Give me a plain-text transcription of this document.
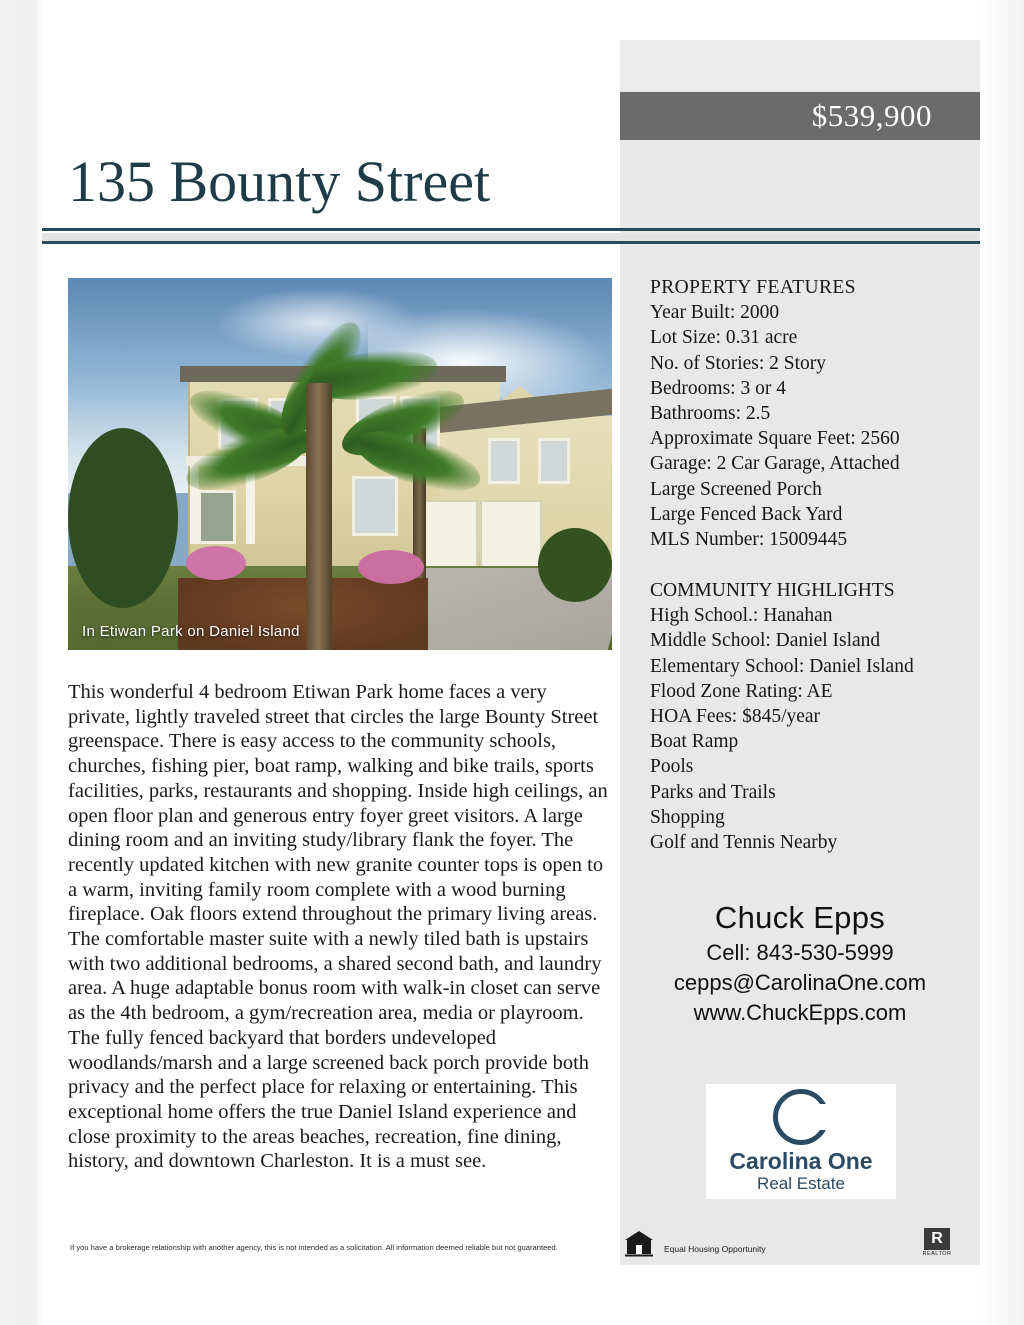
$539,900
135 Bounty Street
In Etiwan Park on Daniel Island
This wonderful 4 bedroom Etiwan Park home faces a very private, lightly traveled street that circles the large Bounty Street greenspace. There is easy access to the community schools, churches, fishing pier, boat ramp, walking and bike trails, sports facilities, parks, restaurants and shopping. Inside high ceilings, an open floor plan and generous entry foyer greet visitors. A large dining room and an inviting study/library flank the foyer. The recently updated kitchen with new granite counter tops is open to a warm, inviting family room complete with a wood burning fireplace. Oak floors extend throughout the primary living areas. The comfortable master suite with a newly tiled bath is upstairs with two additional bedrooms, a shared second bath, and laundry area. A huge adaptable bonus room with walk-in closet can serve as the 4th bedroom, a gym/recreation area, media or playroom. The fully fenced backyard that borders undeveloped woodlands/marsh and a large screened back porch provide both privacy and the perfect place for relaxing or entertaining. This exceptional home offers the true Daniel Island experience and close proximity to the areas beaches, recreation, fine dining, history, and downtown Charleston. It is a must see.
If you have a brokerage relationship with another agency, this is not intended as a solicitation. All information deemed reliable but not guaranteed.
PROPERTY FEATURES
Year Built: 2000
Lot Size: 0.31 acre
No. of Stories: 2 Story
Bedrooms: 3 or 4
Bathrooms: 2.5
Approximate Square Feet: 2560
Garage: 2 Car Garage, Attached
Large Screened Porch
Large Fenced Back Yard
MLS Number: 15009445
COMMUNITY HIGHLIGHTS
High School.: Hanahan
Middle School: Daniel Island
Elementary School: Daniel Island
Flood Zone Rating: AE
HOA Fees: $845/year
Boat Ramp
Pools
Parks and Trails
Shopping
Golf and Tennis Nearby
Chuck Epps
Cell: 843-530-5999
cepps@CarolinaOne.com
www.ChuckEpps.com
Carolina One
Real Estate
Equal Housing Opportunity
R
REALTOR
